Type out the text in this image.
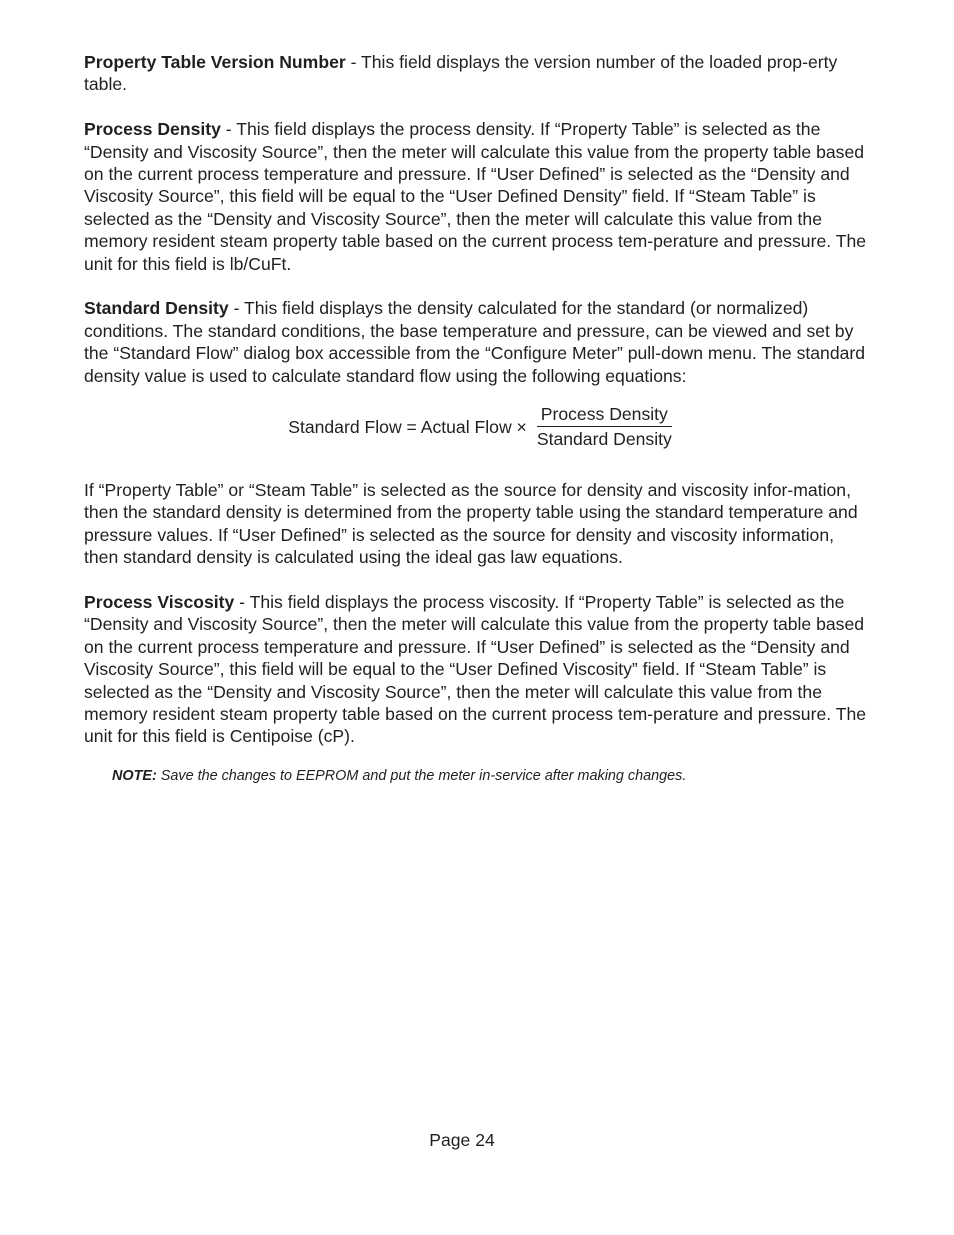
Property Table Version Number - This field displays the version number of the loaded prop-erty table.

Process Density - This field displays the process density. If “Property Table” is selected as the “Density and Viscosity Source”, then the meter will calculate this value from the property table based on the current process temperature and pressure. If “User Defined” is selected as the “Density and Viscosity Source”, this field will be equal to the “User Defined Density” field. If “Steam Table” is selected as the “Density and Viscosity Source”, then the meter will calculate this value from the memory resident steam property table based on the current process tem-perature and pressure. The unit for this field is lb/CuFt.

Standard Density - This field displays the density calculated for the standard (or normalized) conditions. The standard conditions, the base temperature and pressure, can be viewed and set by the “Standard Flow” dialog box accessible from the “Configure Meter” pull-down menu. The standard density value is used to calculate standard flow using the following equations:

Standard Flow = Actual Flow × $\frac{\text{Process Density}}{\text{Standard Density}}$

If “Property Table” or “Steam Table” is selected as the source for density and viscosity infor-mation, then the standard density is determined from the property table using the standard temperature and pressure values. If “User Defined” is selected as the source for density and viscosity information, then standard density is calculated using the ideal gas law equations.

Process Viscosity - This field displays the process viscosity. If “Property Table” is selected as the “Density and Viscosity Source”, then the meter will calculate this value from the property table based on the current process temperature and pressure. If “User Defined” is selected as the “Density and Viscosity Source”, this field will be equal to the “User Defined Viscosity” field. If “Steam Table” is selected as the “Density and Viscosity Source”, then the meter will calculate this value from the memory resident steam property table based on the current process tem-perature and pressure. The unit for this field is Centipoise (cP).

NOTE: Save the changes to EEPROM and put the meter in-service after making changes.

Page 24
